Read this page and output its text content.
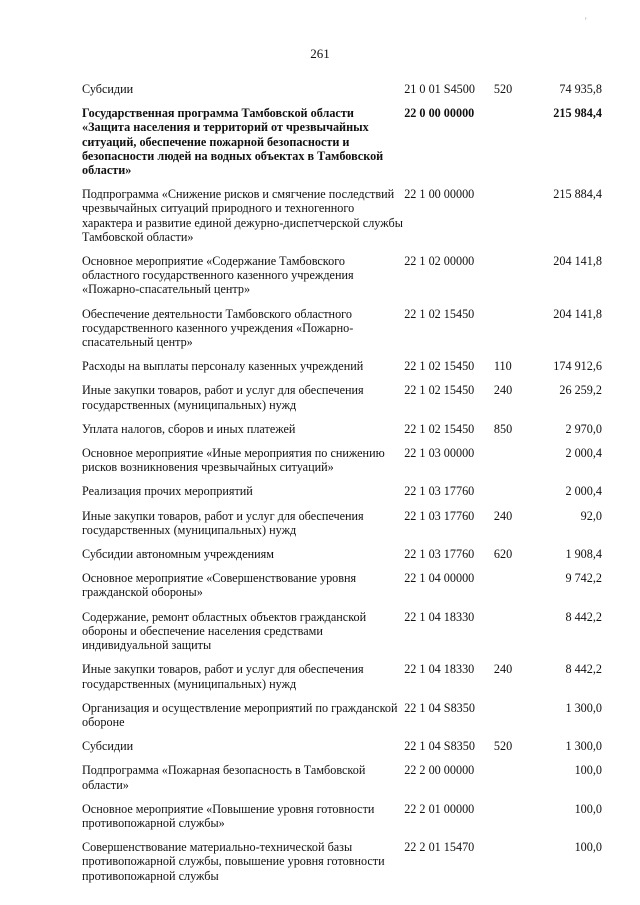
'
261
Субсидии	21 0 01 S4500	520	74 935,8
Государственная программа Тамбовской области «Защита населения и территорий от чрезвычайных ситуаций, обеспечение пожарной безопасности и безопасности людей на водных объектах в Тамбовской области»	22 0 00 00000		215 984,4
Подпрограмма «Снижение рисков и смягчение последствий чрезвычайных ситуаций природного и техногенного характера и развитие единой дежурно-диспетчерской службы Тамбовской области»	22 1 00 00000		215 884,4
Основное мероприятие «Содержание Тамбовского областного государственного казенного учреждения «Пожарно-спасательный центр»	22 1 02 00000		204 141,8
Обеспечение деятельности Тамбовского областного государственного казенного учреждения «Пожарно-спасательный центр»	22 1 02 15450		204 141,8
Расходы на выплаты персоналу казенных учреждений	22 1 02 15450	110	174 912,6
Иные закупки товаров, работ и услуг для обеспечения государственных (муниципальных) нужд	22 1 02 15450	240	26 259,2
Уплата налогов, сборов и иных платежей	22 1 02 15450	850	2 970,0
Основное мероприятие «Иные мероприятия по снижению рисков возникновения чрезвычайных ситуаций»	22 1 03 00000		2 000,4
Реализация прочих мероприятий	22 1 03 17760		2 000,4
Иные закупки товаров, работ и услуг для обеспечения государственных (муниципальных) нужд	22 1 03 17760	240	92,0
Субсидии автономным учреждениям	22 1 03 17760	620	1 908,4
Основное мероприятие «Совершенствование уровня гражданской обороны»	22 1 04 00000		9 742,2
Содержание, ремонт областных объектов гражданской обороны и обеспечение населения средствами индивидуальной защиты	22 1 04 18330		8 442,2
Иные закупки товаров, работ и услуг для обеспечения государственных (муниципальных) нужд	22 1 04 18330	240	8 442,2
Организация и осуществление мероприятий по гражданской обороне	22 1 04 S8350		1 300,0
Субсидии	22 1 04 S8350	520	1 300,0
Подпрограмма «Пожарная безопасность в Тамбовской области»	22 2 00 00000		100,0
Основное мероприятие «Повышение уровня готовности противопожарной службы»	22 2 01 00000		100,0
Совершенствование материально-технической базы противопожарной службы, повышение уровня готовности противопожарной службы	22 2 01 15470		100,0
